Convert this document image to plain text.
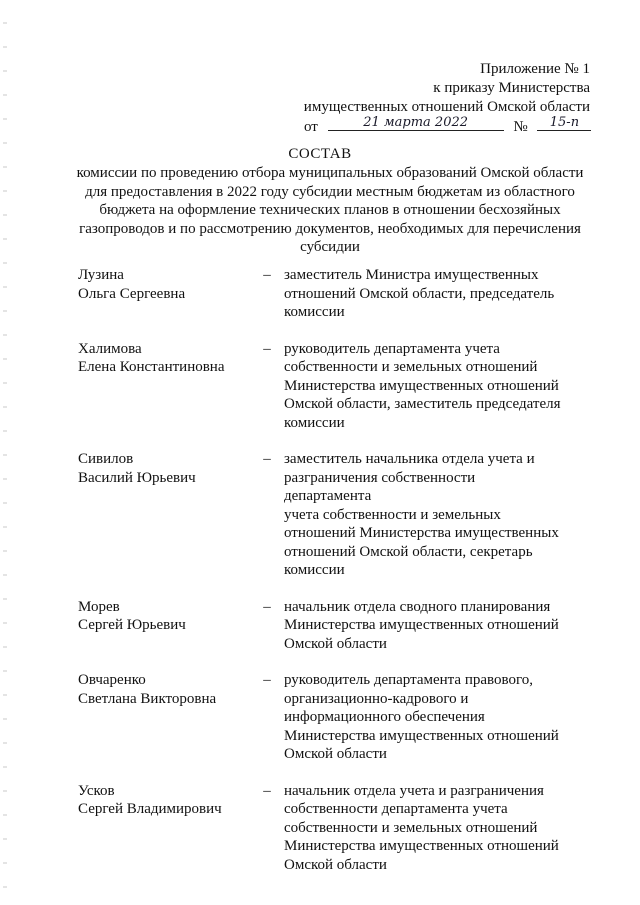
Приложение № 1
к приказу Министерства
имущественных отношений Омской области
от	21 марта 2022	№	15-п
СОСТАВ
комиссии по проведению отбора муниципальных образований Омской области
для предоставления в 2022 году субсидии местным бюджетам из областного
бюджета на оформление технических планов в отношении бесхозяйных
газопроводов и по рассмотрению документов, необходимых для перечисления
субсидии
Лузина
Ольга Сергеевна
– заместитель Министра имущественных
отношений Омской области, председатель
комиссии
Халимова
Елена Константиновна
– руководитель департамента учета
собственности и земельных отношений
Министерства имущественных отношений
Омской области, заместитель председателя
комиссии
Сивилов
Василий Юрьевич
– заместитель начальника отдела учета и
разграничения собственности департамента
учета собственности и земельных
отношений Министерства имущественных
отношений Омской области, секретарь
комиссии
Морев
Сергей Юрьевич
– начальник отдела сводного планирования
Министерства имущественных отношений
Омской области
Овчаренко
Светлана Викторовна
– руководитель департамента правового,
организационно-кадрового и
информационного обеспечения
Министерства имущественных отношений
Омской области
Усков
Сергей Владимирович
– начальник отдела учета и разграничения
собственности департамента учета
собственности и земельных отношений
Министерства имущественных отношений
Омской области
